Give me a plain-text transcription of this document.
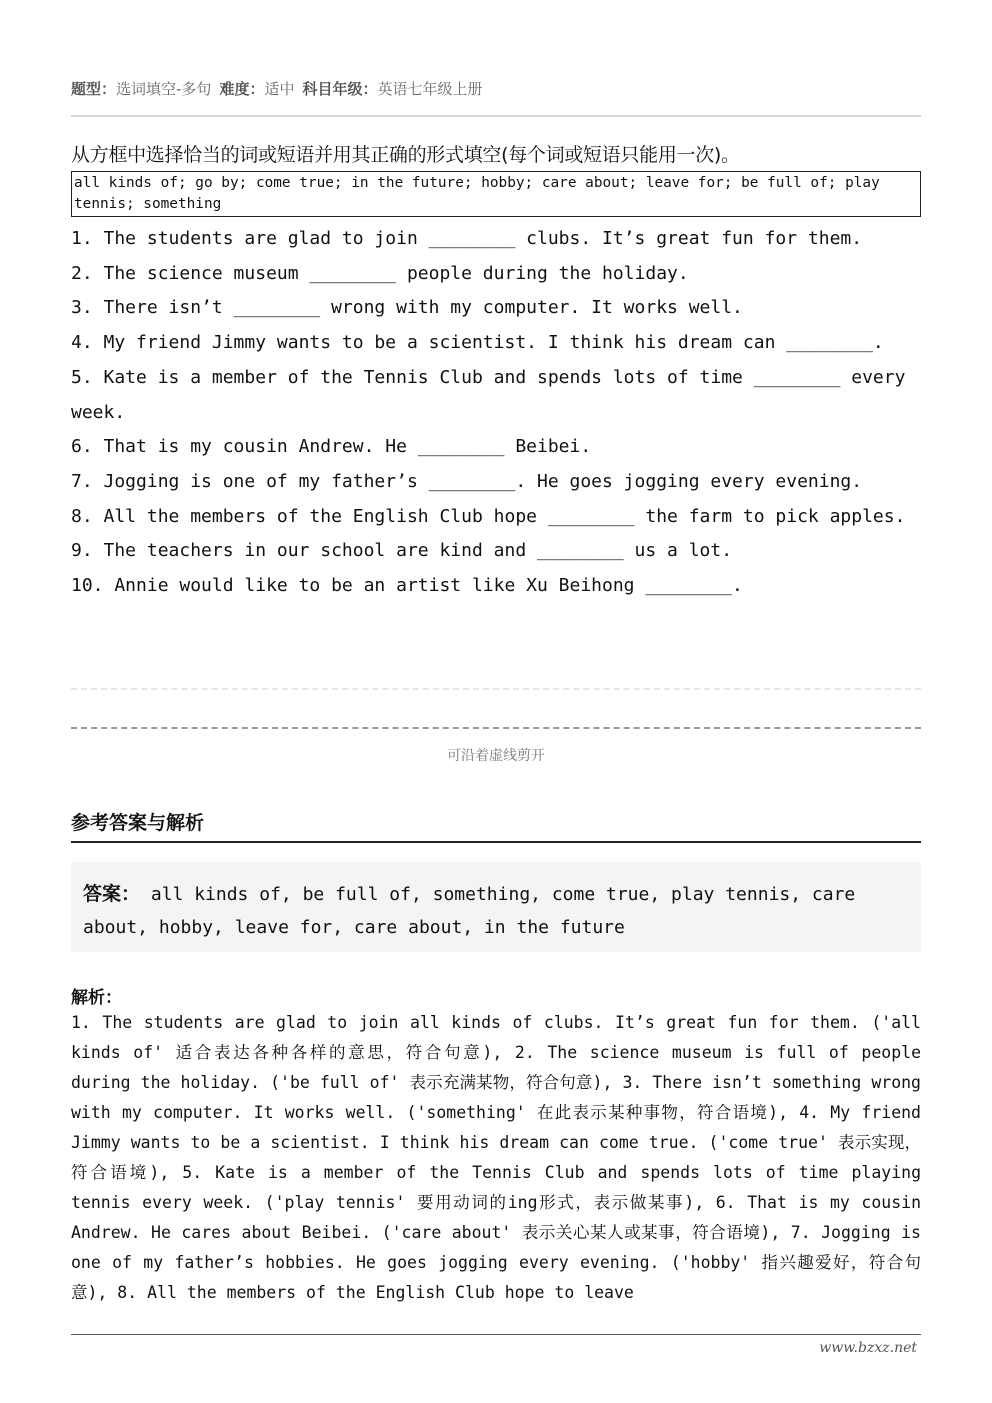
题型：选词填空-多句 难度：适中 科目年级：英语七年级上册
从方框中选择恰当的词或短语并用其正确的形式填空(每个词或短语只能用一次)。
all kinds of; go by; come true; in the future; hobby; care about; leave for; be full of; play tennis; something
1. The students are glad to join ________ clubs. It’s great fun for them.
2. The science museum ________ people during the holiday.
3. There isn’t ________ wrong with my computer. It works well.
4. My friend Jimmy wants to be a scientist. I think his dream can ________.
5. Kate is a member of the Tennis Club and spends lots of time ________ every week.
6. That is my cousin Andrew. He ________ Beibei.
7. Jogging is one of my father’s ________. He goes jogging every evening.
8. All the members of the English Club hope ________ the farm to pick apples.
9. The teachers in our school are kind and ________ us a lot.
10. Annie would like to be an artist like Xu Beihong ________.
可沿着虚线剪开
参考答案与解析
答案： all kinds of, be full of, something, come true, play tennis, care about, hobby, leave for, care about, in the future
解析：
1. The students are glad to join all kinds of clubs. It’s great fun for them. ('all kinds of' 适合表达各种各样的意思，符合句意), 2. The science museum is full of people during the holiday. ('be full of' 表示充满某物，符合句意), 3. There isn’t something wrong with my computer. It works well. ('something' 在此表示某种事物，符合语境), 4. My friend Jimmy wants to be a scientist. I think his dream can come true. ('come true' 表示实现，符合语境), 5. Kate is a member of the Tennis Club and spends lots of time playing tennis every week. ('play tennis' 要用动词的ing形式，表示做某事), 6. That is my cousin Andrew. He cares about Beibei. ('care about' 表示关心某人或某事，符合语境), 7. Jogging is one of my father’s hobbies. He goes jogging every evening. ('hobby' 指兴趣爱好，符合句意), 8. All the members of the English Club hope to leave
www.bzxz.net
